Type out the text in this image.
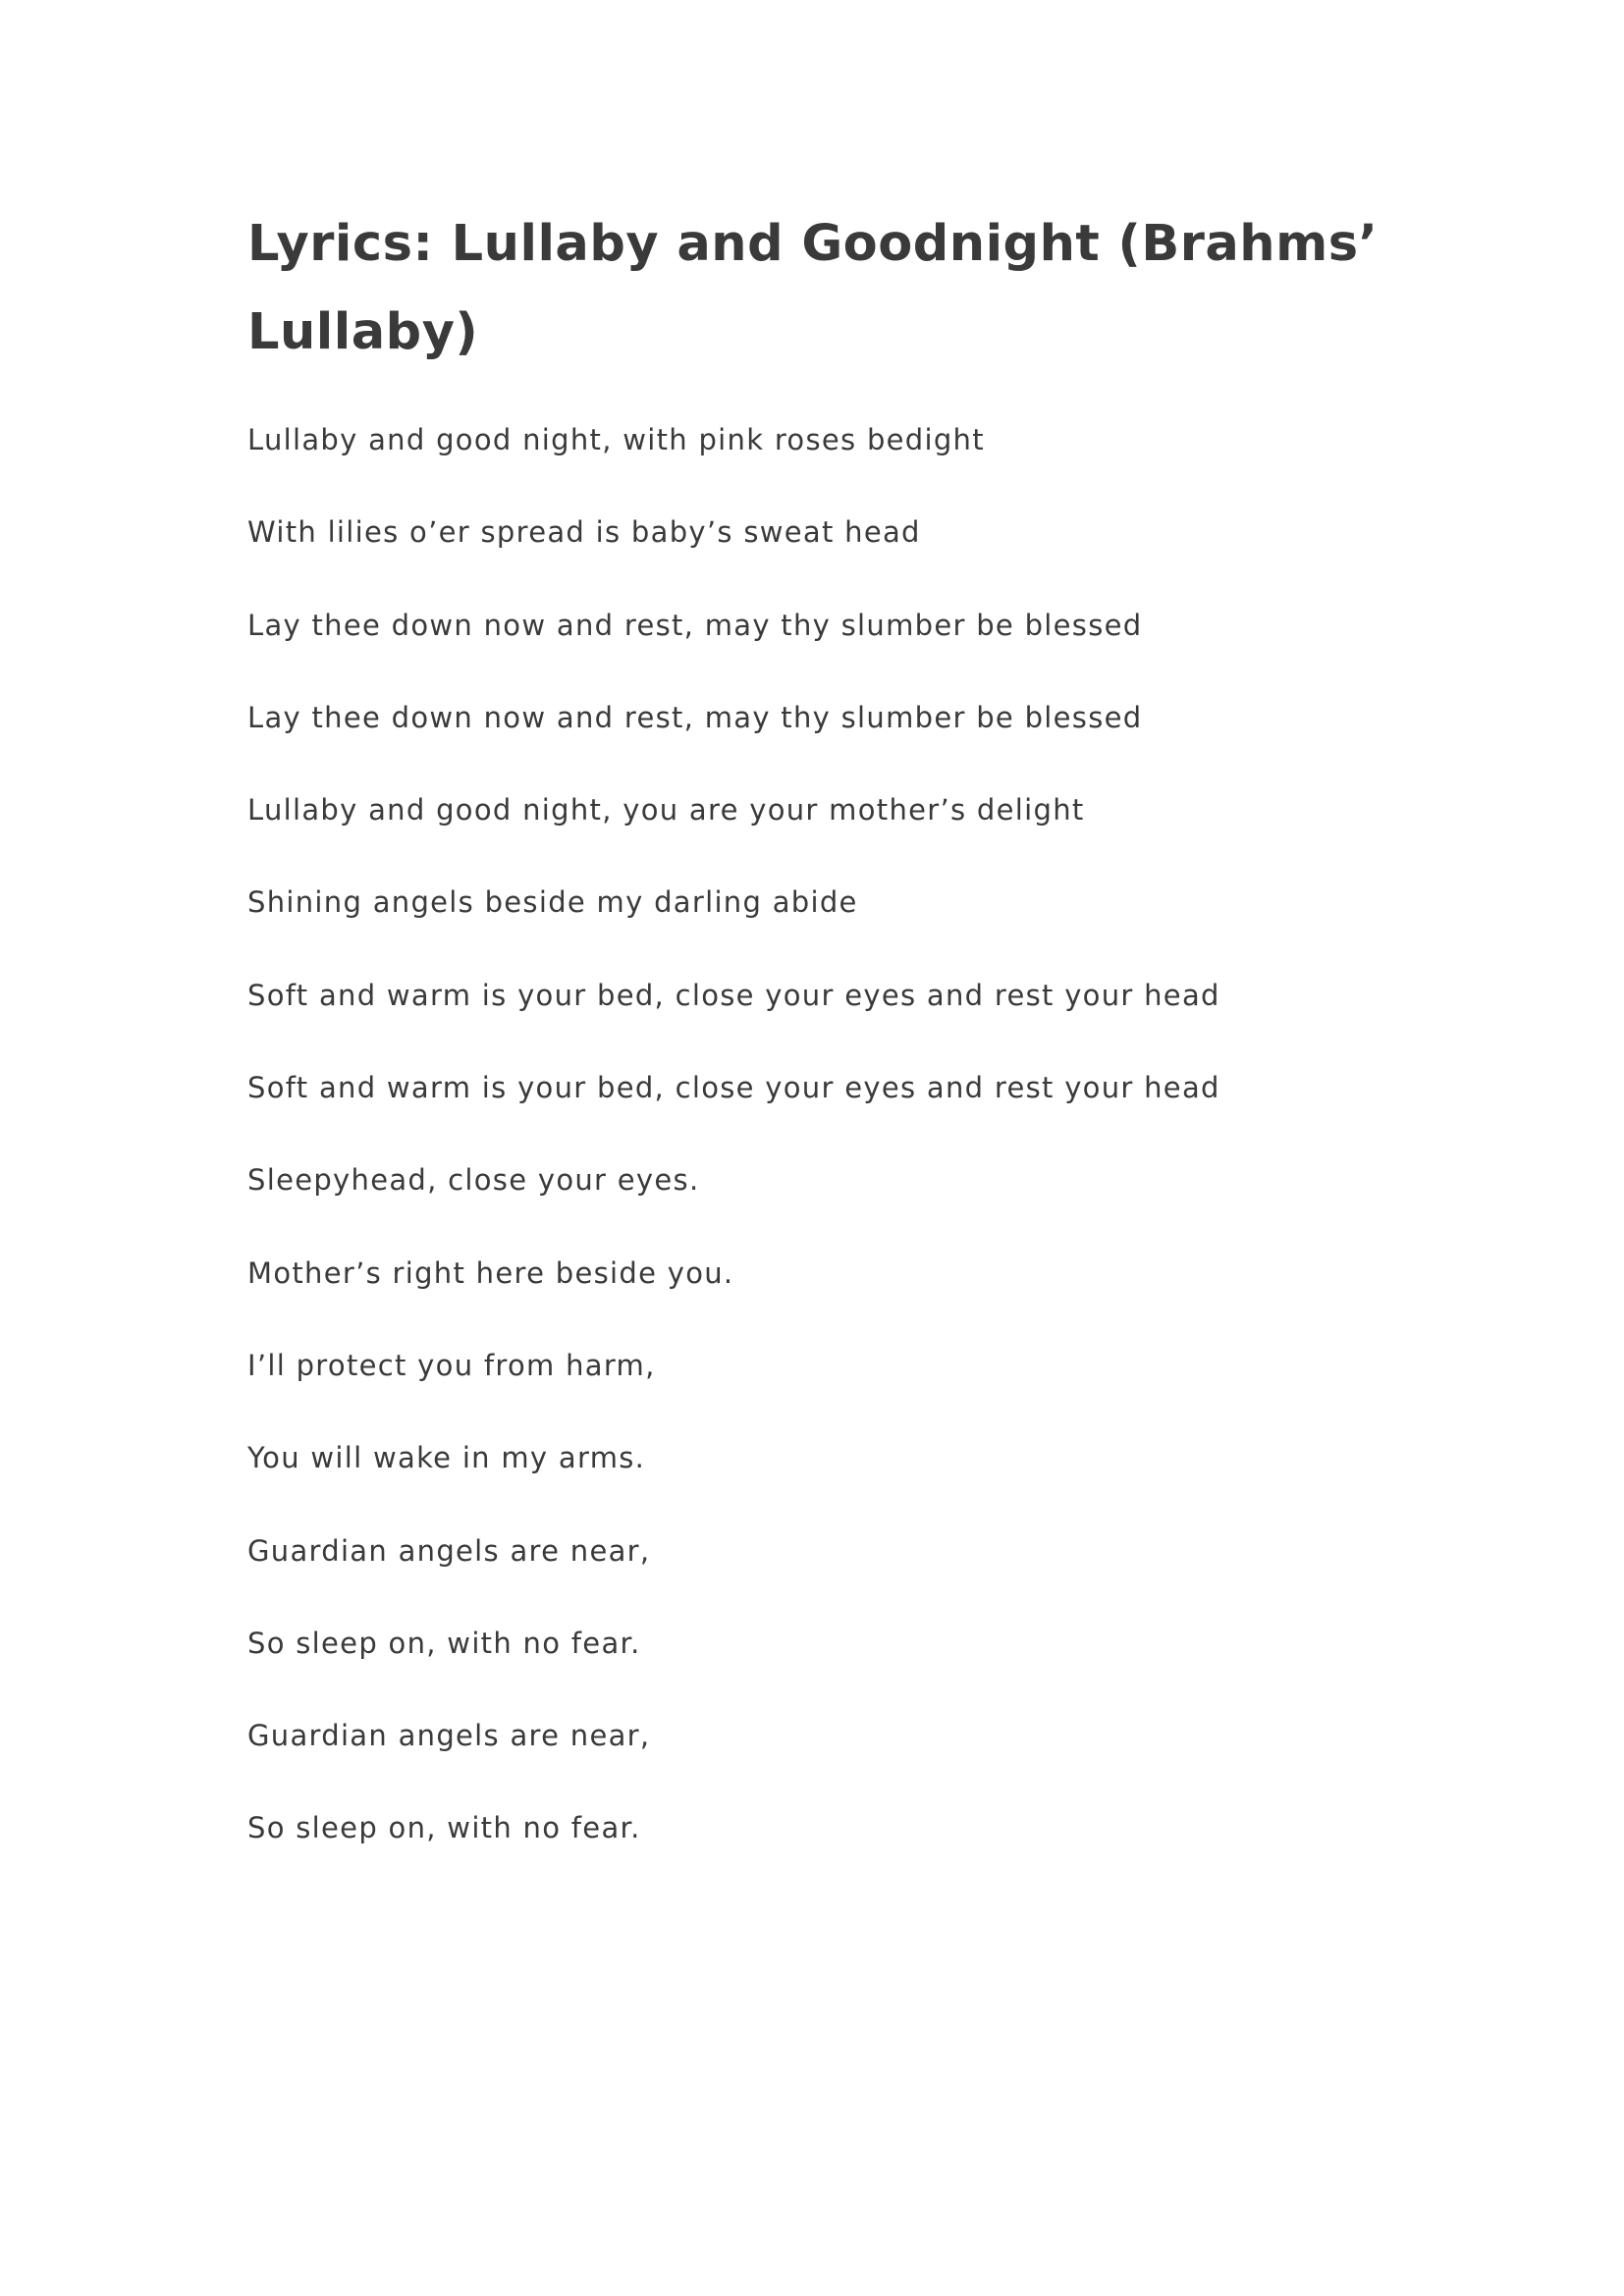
Lyrics: Lullaby and Goodnight (Brahms’ Lullaby)
Lullaby and good night, with pink roses bedight
With lilies o’er spread is baby’s sweat head
Lay thee down now and rest, may thy slumber be blessed
Lay thee down now and rest, may thy slumber be blessed
Lullaby and good night, you are your mother’s delight
Shining angels beside my darling abide
Soft and warm is your bed, close your eyes and rest your head
Soft and warm is your bed, close your eyes and rest your head
Sleepyhead, close your eyes.
Mother’s right here beside you.
I’ll protect you from harm,
You will wake in my arms.
Guardian angels are near,
So sleep on, with no fear.
Guardian angels are near,
So sleep on, with no fear.
